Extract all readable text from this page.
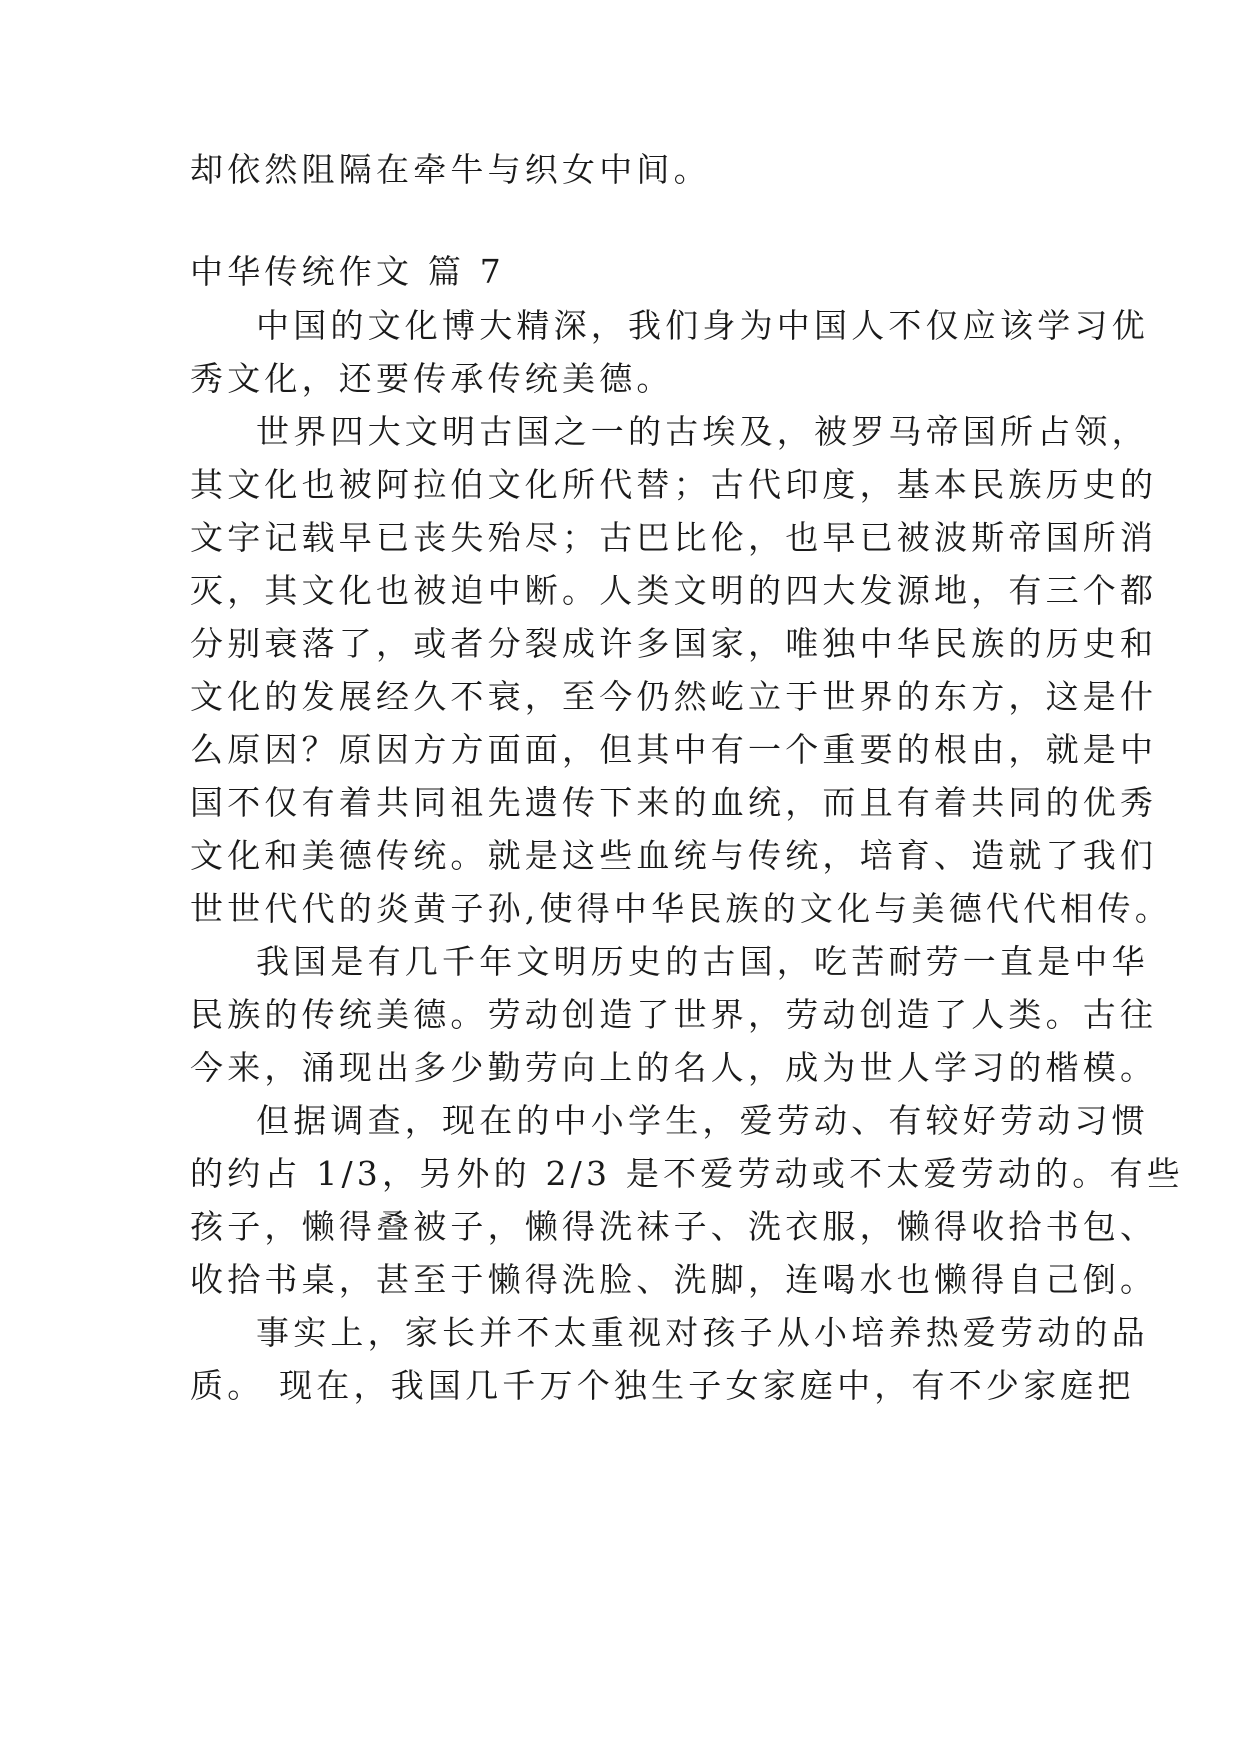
却依然阻隔在牵牛与织女中间。
中华传统作文 篇 7
中国的文化博大精深，我们身为中国人不仅应该学习优
秀文化，还要传承传统美德。
世界四大文明古国之一的古埃及，被罗马帝国所占领，
其文化也被阿拉伯文化所代替；古代印度，基本民族历史的
文字记载早已丧失殆尽；古巴比伦，也早已被波斯帝国所消
灭，其文化也被迫中断。人类文明的四大发源地，有三个都
分别衰落了，或者分裂成许多国家，唯独中华民族的历史和
文化的发展经久不衰，至今仍然屹立于世界的东方，这是什
么原因？原因方方面面，但其中有一个重要的根由，就是中
国不仅有着共同祖先遗传下来的血统，而且有着共同的优秀
文化和美德传统。就是这些血统与传统，培育、造就了我们
世世代代的炎黄子孙,使得中华民族的文化与美德代代相传。
我国是有几千年文明历史的古国，吃苦耐劳一直是中华
民族的传统美德。劳动创造了世界，劳动创造了人类。古往
今来，涌现出多少勤劳向上的名人，成为世人学习的楷模。
但据调查，现在的中小学生，爱劳动、有较好劳动习惯
的约占 1/3，另外的 2/3 是不爱劳动或不太爱劳动的。有些
孩子，懒得叠被子，懒得洗袜子、洗衣服，懒得收拾书包、
收拾书桌，甚至于懒得洗脸、洗脚，连喝水也懒得自己倒。
事实上，家长并不太重视对孩子从小培养热爱劳动的品
质。 现在，我国几千万个独生子女家庭中，有不少家庭把
